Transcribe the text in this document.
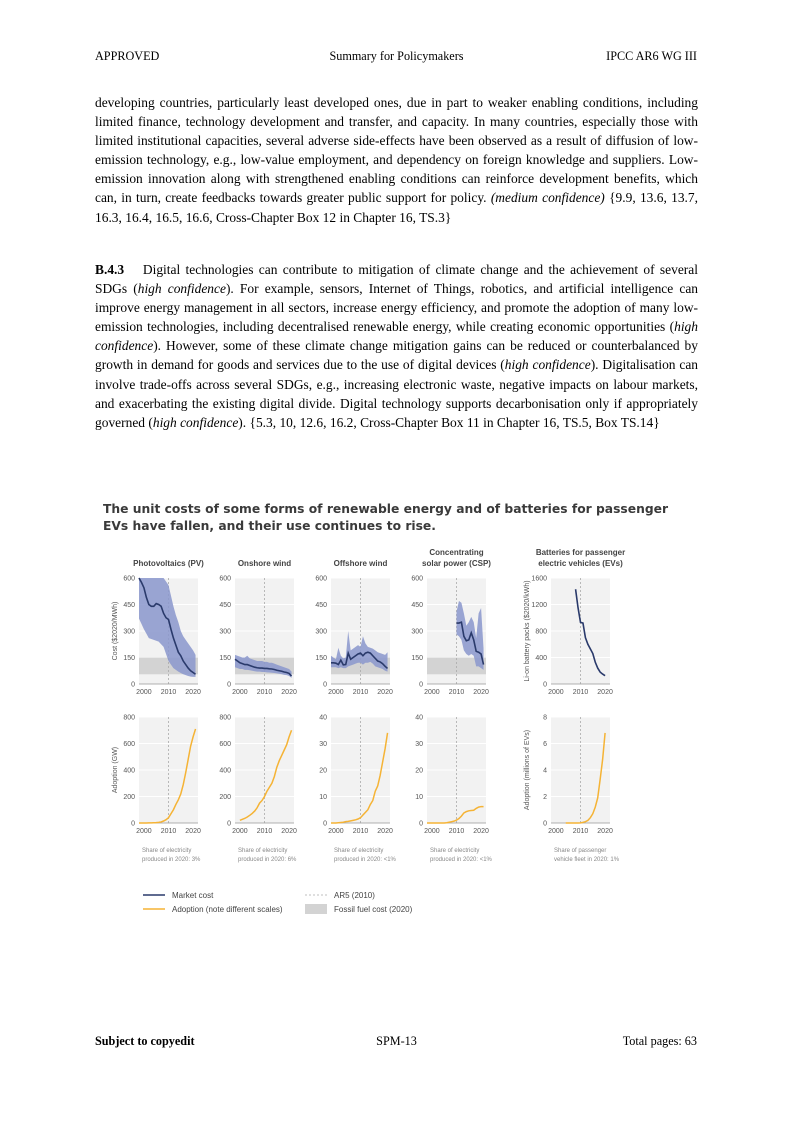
APPROVED	Summary for Policymakers	IPCC AR6 WG III

developing countries, particularly least developed ones, due in part to weaker enabling conditions, including limited finance, technology development and transfer, and capacity. In many countries, especially those with limited institutional capacities, several adverse side-effects have been observed as a result of diffusion of low-emission technology, e.g., low-value employment, and dependency on foreign knowledge and suppliers. Low-emission innovation along with strengthened enabling conditions can reinforce development benefits, which can, in turn, create feedbacks towards greater public support for policy. (medium confidence) {9.9, 13.6, 13.7, 16.3, 16.4, 16.5, 16.6, Cross-Chapter Box 12 in Chapter 16, TS.3}

B.4.3  Digital technologies can contribute to mitigation of climate change and the achievement of several SDGs (high confidence). For example, sensors, Internet of Things, robotics, and artificial intelligence can improve energy management in all sectors, increase energy efficiency, and promote the adoption of many low-emission technologies, including decentralised renewable energy, while creating economic opportunities (high confidence). However, some of these climate change mitigation gains can be reduced or counterbalanced by growth in demand for goods and services due to the use of digital devices (high confidence). Digitalisation can involve trade-offs across several SDGs, e.g., increasing electronic waste, negative impacts on labour markets, and exacerbating the existing digital divide. Digital technology supports decarbonisation only if appropriately governed (high confidence). {5.3, 10, 12.6, 16.2, Cross-Chapter Box 11 in Chapter 16, TS.5, Box TS.14}

The unit costs of some forms of renewable energy and of batteries for passenger EVs have fallen, and their use continues to rise.
Photovoltaics (PV)
0
150
300
450
600
2000 2010 2020
Cost ($2020/MWh)
0
200
400
600
800
2000 2010 2020
Adoption (GW)
Share of electricity
produced in 2020: 3%
Onshore wind
0
150
300
450
600
2000 2010 2020
0
200
400
600
800
2000 2010 2020
Share of electricity
produced in 2020: 6%
Offshore wind
0
150
300
450
600
2000 2010 2020
0
10
20
30
40
2000 2010 2020
Share of electricity
produced in 2020: <1%
Concentrating
solar power (CSP)
0
150
300
450
600
2000 2010 2020
0
10
20
30
40
2000 2010 2020
Share of electricity
produced in 2020: <1%
Batteries for passenger
electric vehicles (EVs)
0
400
800
1200
1600
2000 2010 2020
Li-on battery packs ($2020/kWh)
0
2
4
6
8
2000 2010 2020
Adoption (millions of EVs)
Share of passenger
vehicle fleet in 2020: 1%
Market cost
Adoption (note different scales)
AR5 (2010)
Fossil fuel cost (2020)
Subject to copyedit	SPM-13	Total pages: 63
